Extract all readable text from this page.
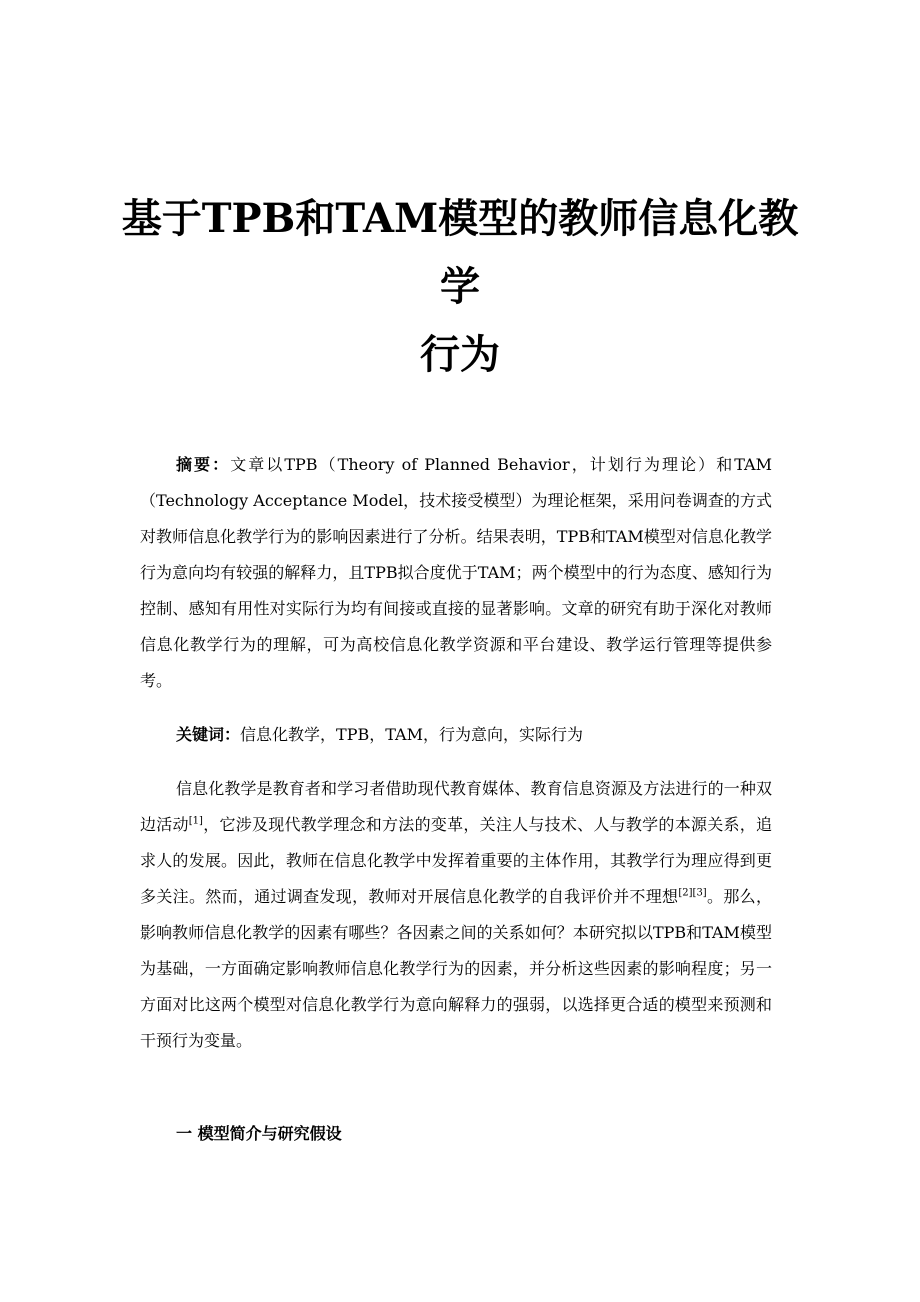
基于TPB和TAM模型的教师信息化教学
行为

摘要：文章以TPB（Theory of Planned Behavior，计划行为理论）和TAM（Technology Acceptance Model，技术接受模型）为理论框架，采用问卷调查的方式对教师信息化教学行为的影响因素进行了分析。结果表明，TPB和TAM模型对信息化教学行为意向均有较强的解释力，且TPB拟合度优于TAM；两个模型中的行为态度、感知行为控制、感知有用性对实际行为均有间接或直接的显著影响。文章的研究有助于深化对教师信息化教学行为的理解，可为高校信息化教学资源和平台建设、教学运行管理等提供参考。

关键词：信息化教学，TPB，TAM，行为意向，实际行为

信息化教学是教育者和学习者借助现代教育媒体、教育信息资源及方法进行的一种双边活动[1]，它涉及现代教学理念和方法的变革，关注人与技术、人与教学的本源关系，追求人的发展。因此，教师在信息化教学中发挥着重要的主体作用，其教学行为理应得到更多关注。然而，通过调查发现，教师对开展信息化教学的自我评价并不理想[2][3]。那么，影响教师信息化教学的因素有哪些？各因素之间的关系如何？本研究拟以TPB和TAM模型为基础，一方面确定影响教师信息化教学行为的因素，并分析这些因素的影响程度；另一方面对比这两个模型对信息化教学行为意向解释力的强弱，以选择更合适的模型来预测和干预行为变量。

一 模型简介与研究假设
